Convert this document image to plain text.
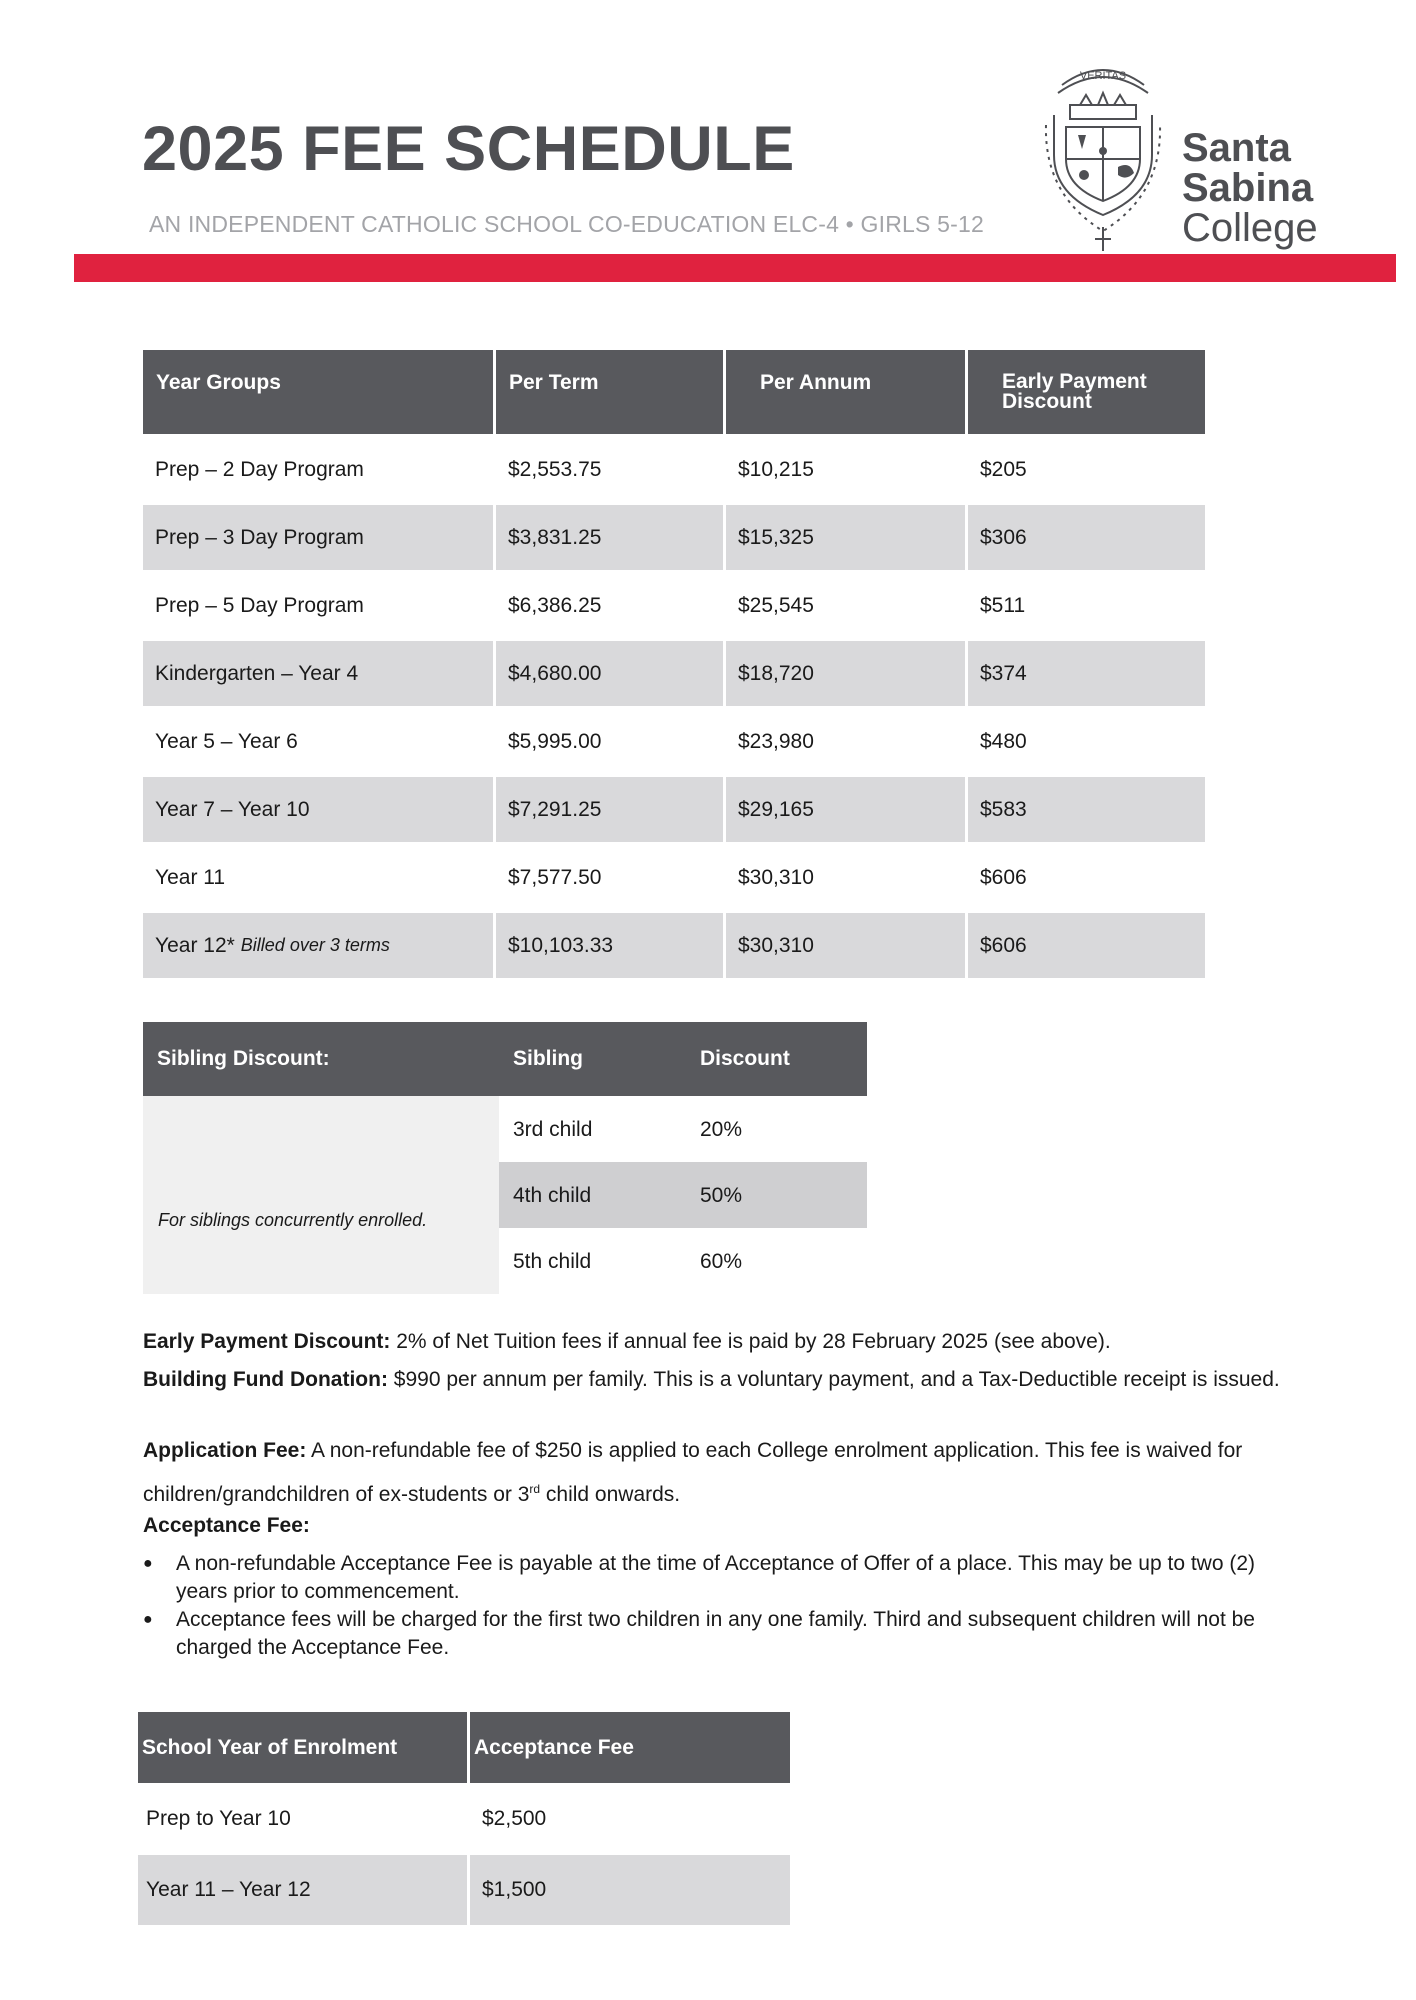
2025 FEE SCHEDULE
AN INDEPENDENT CATHOLIC SCHOOL CO-EDUCATION ELC-4 • GIRLS 5-12
VERITAS
Santa
Sabina
College
Year Groups	Per Term	Per Annum	Early Payment Discount
Prep – 2 Day Program	$2,553.75	$10,215	$205
Prep – 3 Day Program	$3,831.25	$15,325	$306
Prep – 5 Day Program	$6,386.25	$25,545	$511
Kindergarten – Year 4	$4,680.00	$18,720	$374
Year 5 – Year 6	$5,995.00	$23,980	$480
Year 7 – Year 10	$7,291.25	$29,165	$583
Year 11	$7,577.50	$30,310	$606
Year 12* Billed over 3 terms	$10,103.33	$30,310	$606
Sibling Discount:	Sibling	Discount
For siblings concurrently enrolled.
3rd child	20%
4th child	50%
5th child	60%
Early Payment Discount: 2% of Net Tuition fees if annual fee is paid by 28 February 2025 (see above).
Building Fund Donation: $990 per annum per family. This is a voluntary payment, and a Tax-Deductible receipt is issued.
Application Fee: A non-refundable fee of $250 is applied to each College enrolment application. This fee is waived for children/grandchildren of ex-students or 3rd child onwards.
Acceptance Fee:
● A non-refundable Acceptance Fee is payable at the time of Acceptance of Offer of a place. This may be up to two (2) years prior to commencement.
● Acceptance fees will be charged for the first two children in any one family. Third and subsequent children will not be charged the Acceptance Fee.
School Year of Enrolment	Acceptance Fee
Prep to Year 10	$2,500
Year 11 – Year 12	$1,500
